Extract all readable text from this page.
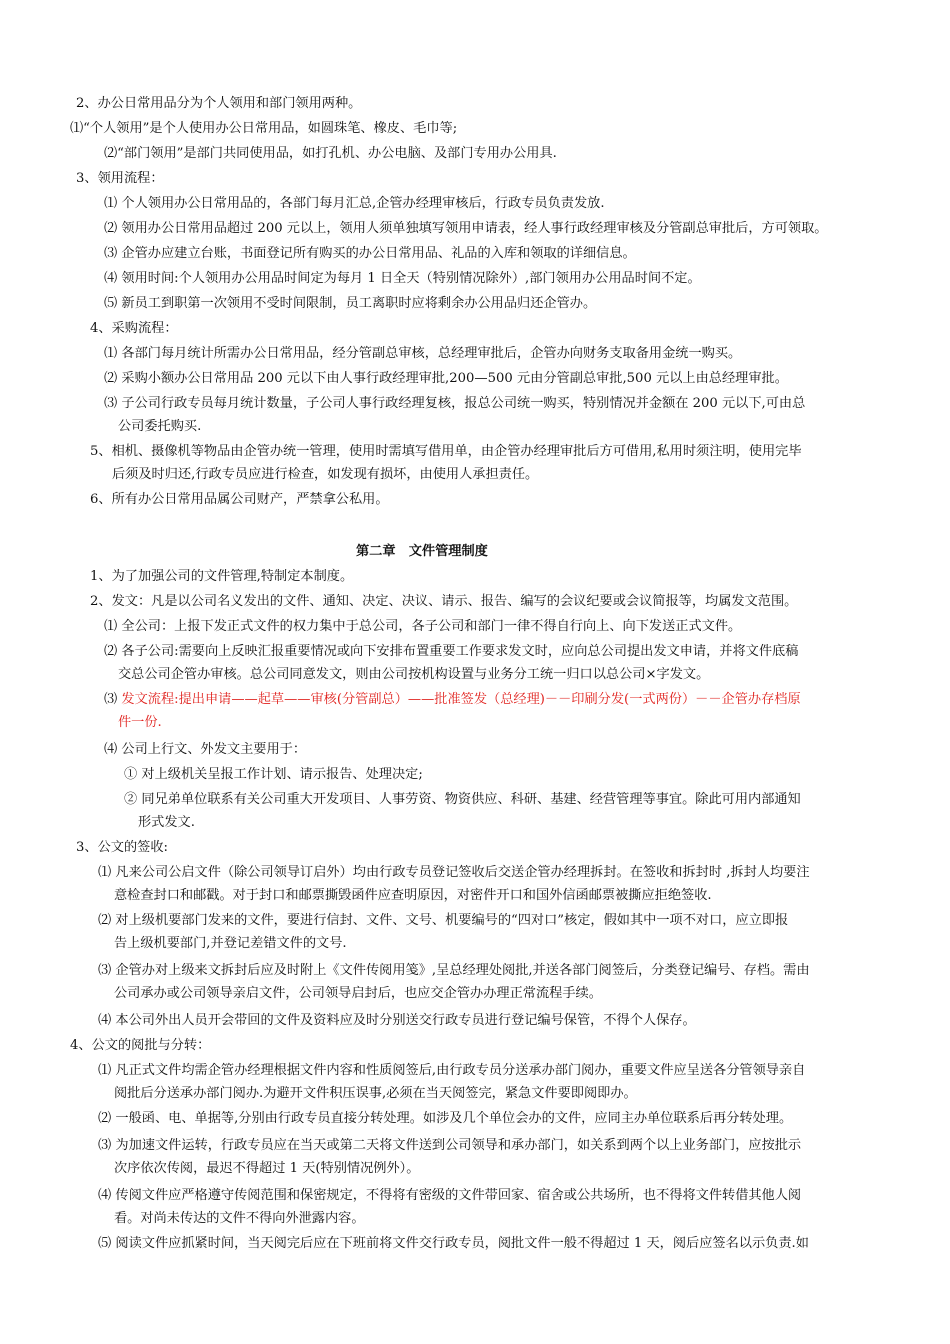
2、办公日常用品分为个人领用和部门领用两种。
⑴“个人领用”是个人使用办公日常用品，如圆珠笔、橡皮、毛巾等;
⑵“部门领用”是部门共同使用品，如打孔机、办公电脑、及部门专用办公用具.
3、领用流程：
⑴ 个人领用办公日常用品的，各部门每月汇总,企管办经理审核后，行政专员负责发放.
⑵ 领用办公日常用品超过 200 元以上，领用人须单独填写领用申请表，经人事行政经理审核及分管副总审批后，方可领取。
⑶ 企管办应建立台账，书面登记所有购买的办公日常用品、礼品的入库和领取的详细信息。
⑷ 领用时间:个人领用办公用品时间定为每月 1 日全天（特别情况除外）,部门领用办公用品时间不定。
⑸ 新员工到职第一次领用不受时间限制，员工离职时应将剩余办公用品归还企管办。
4、采购流程：
⑴ 各部门每月统计所需办公日常用品，经分管副总审核，总经理审批后，企管办向财务支取备用金统一购买。
⑵ 采购小额办公日常用品 200 元以下由人事行政经理审批,200—500 元由分管副总审批,500 元以上由总经理审批。
⑶ 子公司行政专员每月统计数量，子公司人事行政经理复核，报总公司统一购买，特别情况并金额在 200 元以下,可由总
公司委托购买.
5、相机、摄像机等物品由企管办统一管理，使用时需填写借用单，由企管办经理审批后方可借用,私用时须注明，使用完毕
后须及时归还,行政专员应进行检查，如发现有损坏，由使用人承担责任。
6、所有办公日常用品属公司财产，严禁拿公私用。
第二章　文件管理制度
1、为了加强公司的文件管理,特制定本制度。
2、发文：凡是以公司名义发出的文件、通知、决定、决议、请示、报告、编写的会议纪要或会议简报等，均属发文范围。
⑴ 全公司：上报下发正式文件的权力集中于总公司，各子公司和部门一律不得自行向上、向下发送正式文件。
⑵ 各子公司:需要向上反映汇报重要情况或向下安排布置重要工作要求发文时，应向总公司提出发文申请，并将文件底稿
交总公司企管办审核。总公司同意发文，则由公司按机构设置与业务分工统一归口以总公司×字发文。
⑶ 发文流程:提出申请——起草——审核(分管副总）——批准签发（总经理)－－印刷分发(一式两份）－－企管办存档原
件一份.
⑷ 公司上行文、外发文主要用于：
① 对上级机关呈报工作计划、请示报告、处理决定;
② 同兄弟单位联系有关公司重大开发项目、人事劳资、物资供应、科研、基建、经营管理等事宜。除此可用内部通知
形式发文.
3、公文的签收:
⑴ 凡来公司公启文件（除公司领导订启外）均由行政专员登记签收后交送企管办经理拆封。在签收和拆封时 ,拆封人均要注
意检查封口和邮戳。对于封口和邮票撕毁函件应查明原因，对密件开口和国外信函邮票被撕应拒绝签收.
⑵ 对上级机要部门发来的文件，要进行信封、文件、文号、机要编号的“四对口”核定，假如其中一项不对口，应立即报
告上级机要部门,并登记差错文件的文号.
⑶ 企管办对上级来文拆封后应及时附上《文件传阅用笺》,呈总经理处阅批,并送各部门阅签后，分类登记编号、存档。需由
公司承办或公司领导亲启文件，公司领导启封后，也应交企管办办理正常流程手续。
⑷ 本公司外出人员开会带回的文件及资料应及时分别送交行政专员进行登记编号保管，不得个人保存。
4、公文的阅批与分转：
⑴ 凡正式文件均需企管办经理根据文件内容和性质阅签后,由行政专员分送承办部门阅办，重要文件应呈送各分管领导亲自
阅批后分送承办部门阅办.为避开文件积压误事,必须在当天阅签完，紧急文件要即阅即办。
⑵ 一般函、电、单据等,分别由行政专员直接分转处理。如涉及几个单位会办的文件，应同主办单位联系后再分转处理。
⑶ 为加速文件运转，行政专员应在当天或第二天将文件送到公司领导和承办部门，如关系到两个以上业务部门，应按批示
次序依次传阅，最迟不得超过 1 天(特别情况例外）。
⑷ 传阅文件应严格遵守传阅范围和保密规定，不得将有密级的文件带回家、宿舍或公共场所，也不得将文件转借其他人阅
看。对尚未传达的文件不得向外泄露内容。
⑸ 阅读文件应抓紧时间，当天阅完后应在下班前将文件交行政专员，阅批文件一般不得超过 1 天，阅后应签名以示负责.如
